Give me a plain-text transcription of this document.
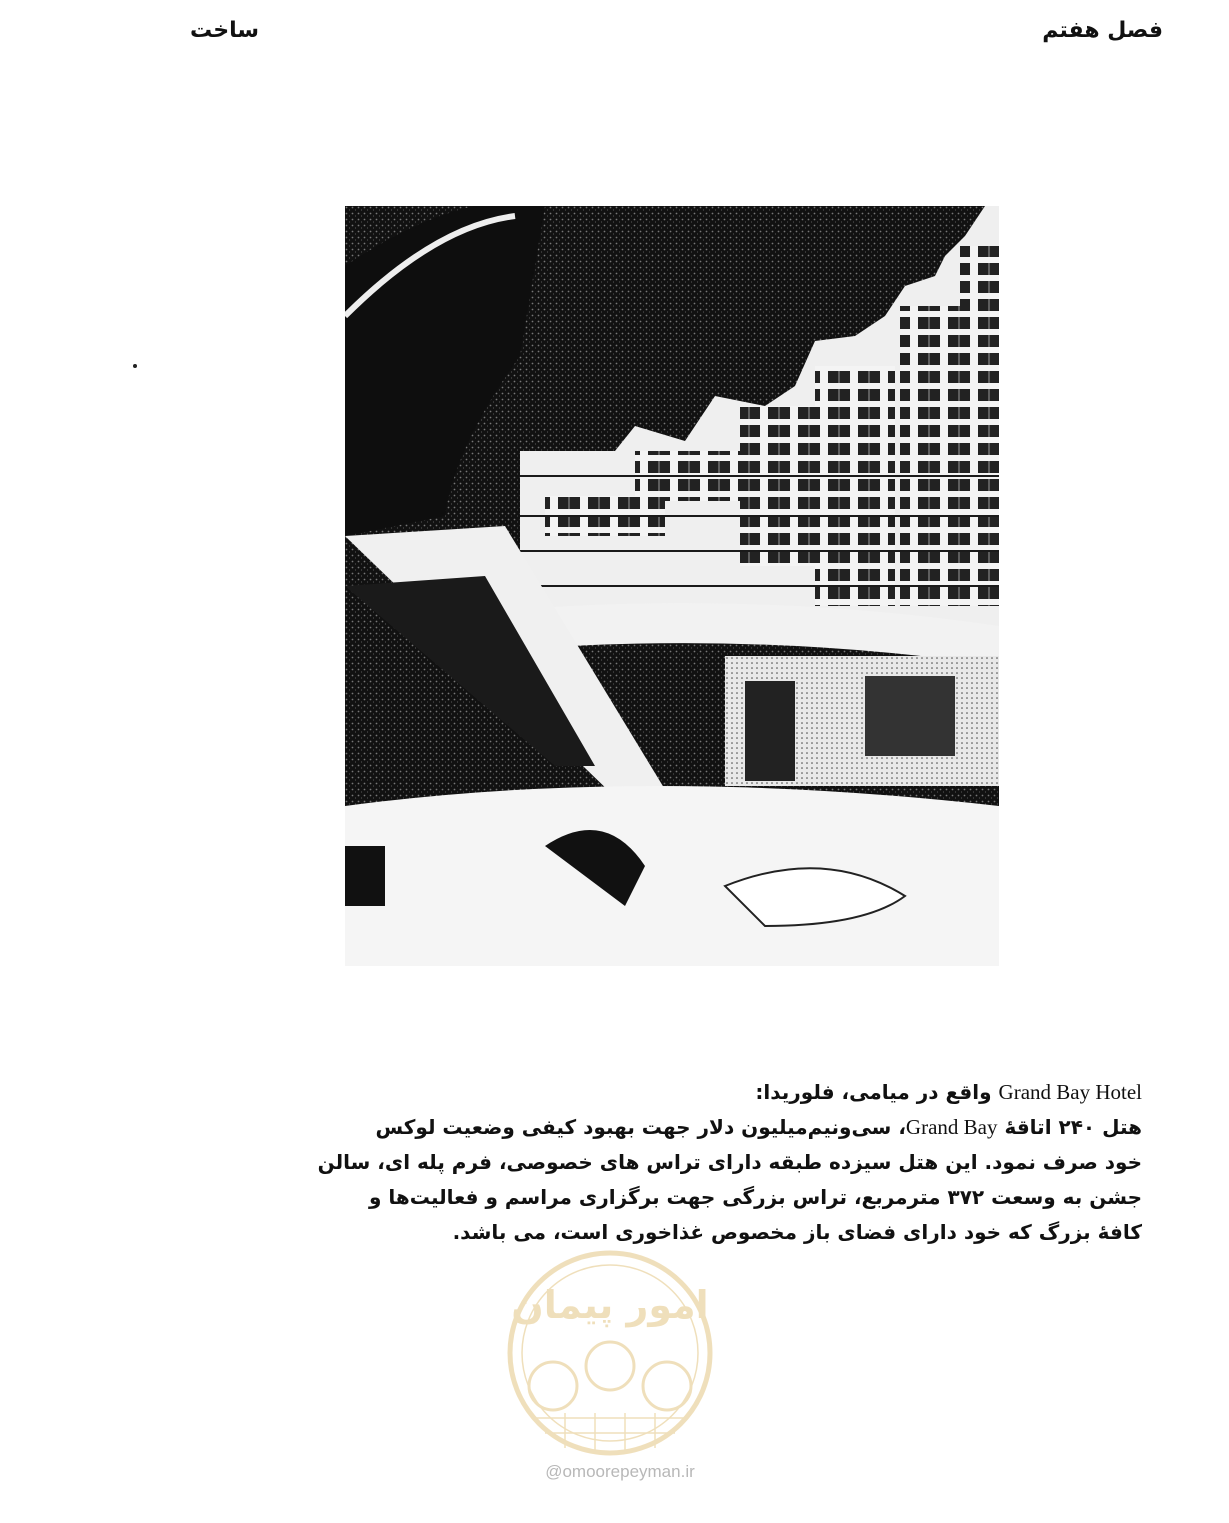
ساخت	فصل هفتم
Grand Bay Hotel واقع در میامی، فلوریدا:
هتل ۲۴۰ اتاقهٔ Grand Bay، سی‌ونیم‌میلیون دلار جهت بهبود کیفی وضعیت لوکس
خود صرف نمود. این هتل سیزده طبقه دارای تراس های خصوصی، فرم پله ای، سالن
جشن به وسعت ۳۷۲ مترمربع، تراس بزرگی جهت برگزاری مراسم و فعالیت‌ها و
کافهٔ بزرگ که خود دارای فضای باز مخصوص غذاخوری است، می باشد.
امور پیمان
@omoorepeyman.ir
